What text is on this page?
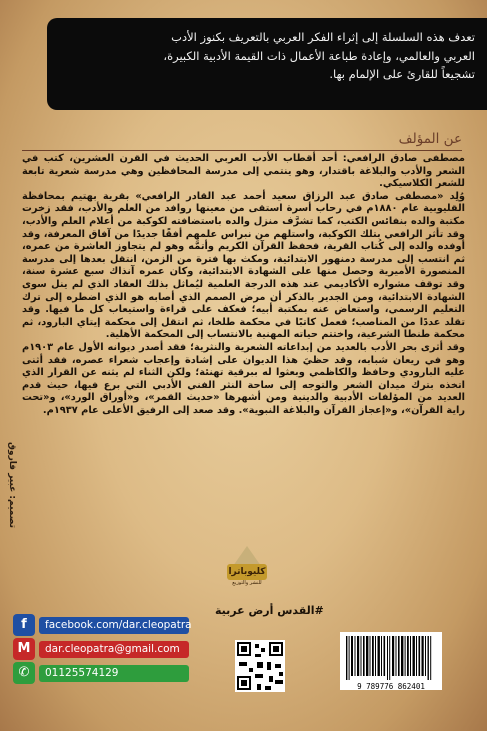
تعدف هذه السلسلة إلى إثراء الفكر العربي بالتعريف بكنوز الأدب
العربي والعالمي، وإعادة طباعة الأعمال ذات القيمة الأدبية الكبيرة،
تشجيعاً للقارئ على الإلمام بها.
عن المؤلف

مصطفى صادق الرافعي: أحد أقطاب الأدب العربي الحديث في القرن العشرين، كتب في الشعر والأدب والبلاغة باقتدار، وهو ينتمي إلى مدرسة المحافظين وهي مدرسة شعرية تابعة للشعر الكلاسيكي.

وُلِد «مصطفى صادق عبد الرزاق سعيد أحمد عبد القادر الرافعي» بقرية بهتيم بمحافظة القليوبية عام ١٨٨٠م في رحاب أسرة استقى من معينها روافد من العلم والأدب، فقد زخرت مكتبة والده بنفائس الكتب، كما تشرَّف منزل والده باستضافته لكوكبة من أعلام العلم والأدب، وقد تأثر الرافعي بتلك الكوكبة، واستلهم من نبراس علمهم أفقًا جديدًا من آفاق المعرفة، وقد أوفده والده إلى كُتاب القرية، فحفظ القرآن الكريم وأتمَّه وهو لم يتجاوز العاشرة من عمره، ثم انتسب إلى مدرسة دمنهور الابتدائية، ومكث بها فترة من الزمن، انتقل بعدها إلى مدرسة المنصورة الأميرية وحصل منها على الشهادة الابتدائية، وكان عمره آنذاك سبع عشرة سنة، وقد توقف مشواره الأكاديمي عند هذه الدرجة العلمية ليُماثل بذلك العقاد الذي لم ينل سوى الشهادة الابتدائية، ومن الجدير بالذكر أن مرض الصمم الذي أصابه هو الذي اضطره إلى ترك التعليم الرسمي، واستعاض عنه بمكتبة أبيه؛ فعكف على قراءة واستيعاب كل ما فيها. وقد تقلد عددًا من المناصب؛ فعمل كاتبًا في محكمة طلخا، ثم انتقل إلى محكمة إيتاي البارود، ثم محكمة طنطا الشرعية، واختتم حياته المهنية بالانتساب إلى المحكمة الأهلية.

وقد أثرى بحر الأدب بالعديد من إبداعاته الشعرية والنثرية؛ فقد أصدر ديوانه الأول عام ١٩٠٣م وهو في ريعان شبابه، وقد حظيَ هذا الديوان على إشادة وإعجاب شعراء عصره، فقد أثنى عليه البارودي وحافظ والكاظمي وبعثوا له ببرقية تهنئة؛ ولكن الثناء لم يثنه عن القرار الذي اتخذه بترك ميدان الشعر والتوجه إلى ساحة النثر الفني الأدبي التي برع فيها، حيث قدم العديد من المؤلفات الأدبية والدينية ومن أشهرها «حديث القمر»، و«أوراق الورد»، و«تحت راية القرآن»، و«إعجاز القرآن والبلاغة النبوية». وقد صعد إلى الرفيق الأعلى عام ١٩٣٧م.

تصميم: عبير فاروق
كليوباترا
للنشر والتوزيع
#القدس أرض عربية
f	facebook.com/dar.cleopatra
M	dar.cleopatra@gmail.com
✆	01125574129
9 789776 862401
